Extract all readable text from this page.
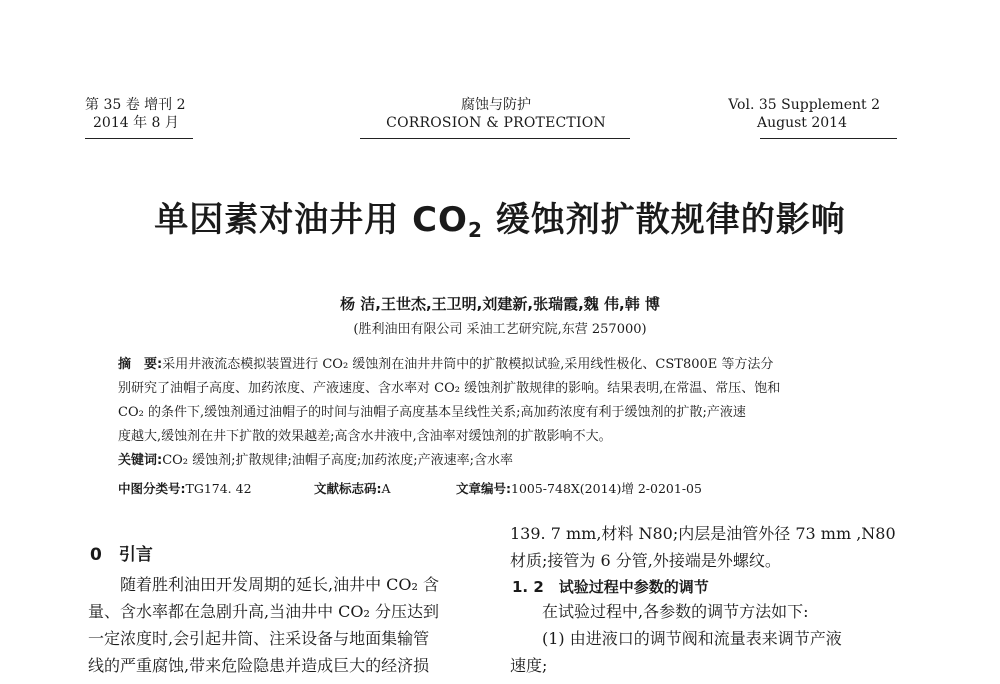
第 35 卷 增刊 2
2014 年 8 月
腐蚀与防护
CORROSION & PROTECTION
Vol. 35 Supplement 2
August 2014
单因素对油井用 $CO_2$ 缓蚀剂扩散规律的影响
杨 洁,王世杰,王卫明,刘建新,张瑞霞,魏 伟,韩 博
(胜利油田有限公司 采油工艺研究院,东营 257000)

摘　要:采用井液流态模拟装置进行 CO₂ 缓蚀剂在油井井筒中的扩散模拟试验,采用线性极化、CST800E 等方法分

别研究了油帽子高度、加药浓度、产液速度、含水率对 CO₂ 缓蚀剂扩散规律的影响。结果表明,在常温、常压、饱和

CO₂ 的条件下,缓蚀剂通过油帽子的时间与油帽子高度基本呈线性关系;高加药浓度有利于缓蚀剂的扩散;产液速

度越大,缓蚀剂在井下扩散的效果越差;高含水井液中,含油率对缓蚀剂的扩散影响不大。

关键词:CO₂ 缓蚀剂;扩散规律;油帽子高度;加药浓度;产液速率;含水率

中图分类号:TG174. 42	文献标志码:A	文章编号:1005-748X(2014)增 2-0201-05
0　引言

随着胜利油田开发周期的延长,油井中 CO₂ 含

量、含水率都在急剧升高,当油井中 CO₂ 分压达到

一定浓度时,会引起井筒、注采设备与地面集输管

线的严重腐蚀,带来危险隐患并造成巨大的经济损

139. 7 mm,材料 N80;内层是油管外径 73 mm ,N80

材质;接管为 6 分管,外接端是外螺纹。

1. 2　试验过程中参数的调节

在试验过程中,各参数的调节方法如下:

(1) 由进液口的调节阀和流量表来调节产液

速度;
